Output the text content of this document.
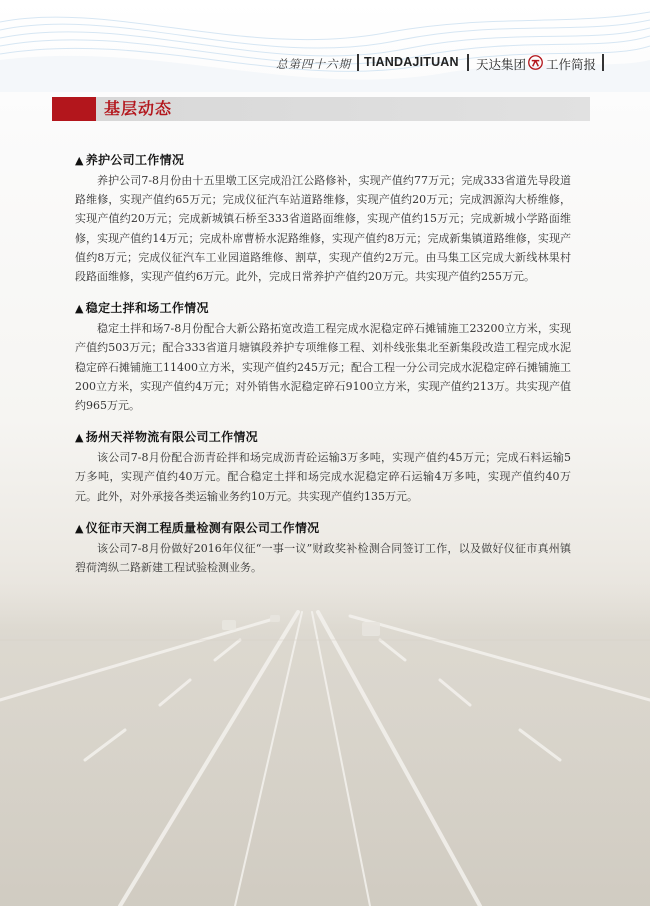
总第四十六期 TIANDAJITUAN 天达集团 工作简报
基层动态
▲ 养护公司工作情况

养护公司7-8月份由十五里墩工区完成沿江公路修补，实现产值约77万元；完成333省道先导段道路维修，实现产值约65万元；完成仪征汽车站道路维修，实现产值约20万元；完成泗源沟大桥维修，实现产值约20万元；完成新城镇石桥至333省道路面维修，实现产值约15万元；完成新城小学路面维修，实现产值约14万元；完成朴席曹桥水泥路维修，实现产值约8万元；完成新集镇道路维修，实现产值约8万元；完成仪征汽车工业园道路维修、割草，实现产值约2万元。由马集工区完成大新线林果村段路面维修，实现产值约6万元。此外，完成日常养护产值约20万元。共实现产值约255万元。

▲ 稳定土拌和场工作情况

稳定土拌和场7-8月份配合大新公路拓宽改造工程完成水泥稳定碎石摊铺施工23200立方米，实现产值约503万元；配合333省道月塘镇段养护专项维修工程、刘朴线张集北至新集段改造工程完成水泥稳定碎石摊铺施工11400立方米，实现产值约245万元；配合工程一分公司完成水泥稳定碎石摊铺施工200立方米，实现产值约4万元；对外销售水泥稳定碎石9100立方米，实现产值约213万。共实现产值约965万元。

▲ 扬州天祥物流有限公司工作情况

该公司7-8月份配合沥青砼拌和场完成沥青砼运输3万多吨，实现产值约45万元；完成石料运输5万多吨，实现产值约40万元。配合稳定土拌和场完成水泥稳定碎石运输4万多吨，实现产值约40万元。此外，对外承接各类运输业务约10万元。共实现产值约135万元。

▲ 仪征市天润工程质量检测有限公司工作情况

该公司7-8月份做好2016年仪征“一事一议”财政奖补检测合同签订工作，以及做好仪征市真州镇碧荷湾纵二路新建工程试验检测业务。
